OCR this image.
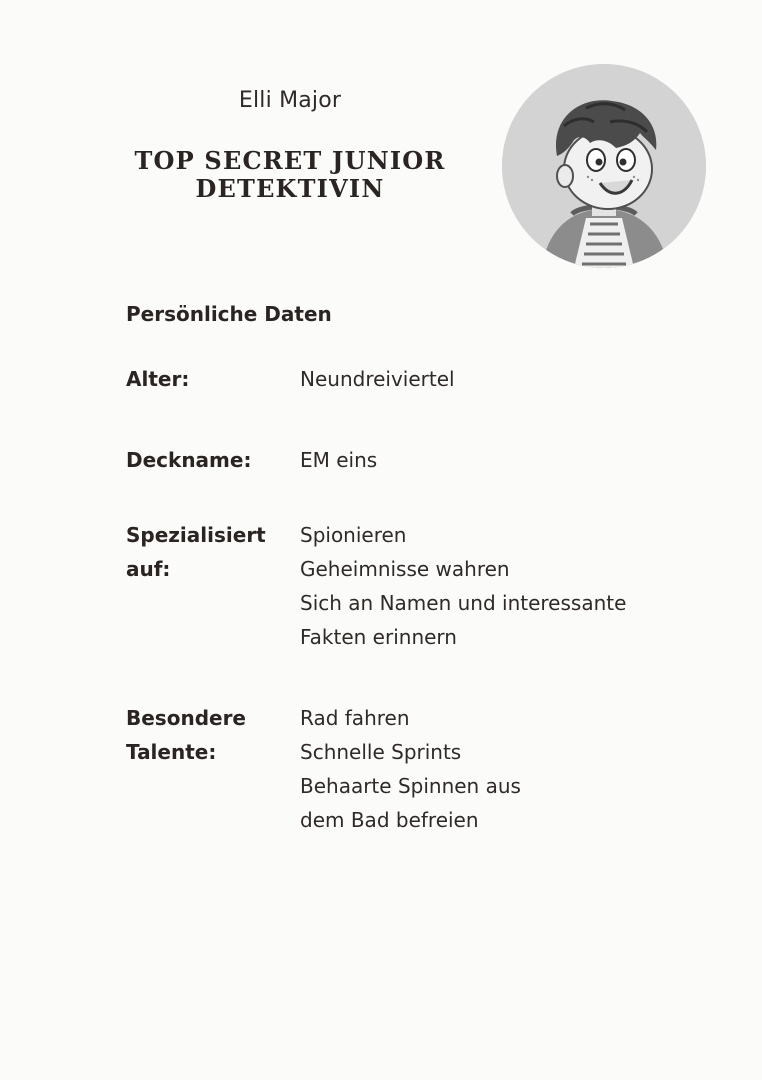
Elli Major
TOP SECRET JUNIOR
DETEKTIVIN
Persönliche Daten
Alter:	Neundreiviertel
Deckname:	EM eins
Spezialisiert
auf:
Spionieren
Geheimnisse wahren
Sich an Namen und interessante
Fakten erinnern
Besondere
Talente:
Rad fahren
Schnelle Sprints
Behaarte Spinnen aus
dem Bad befreien
